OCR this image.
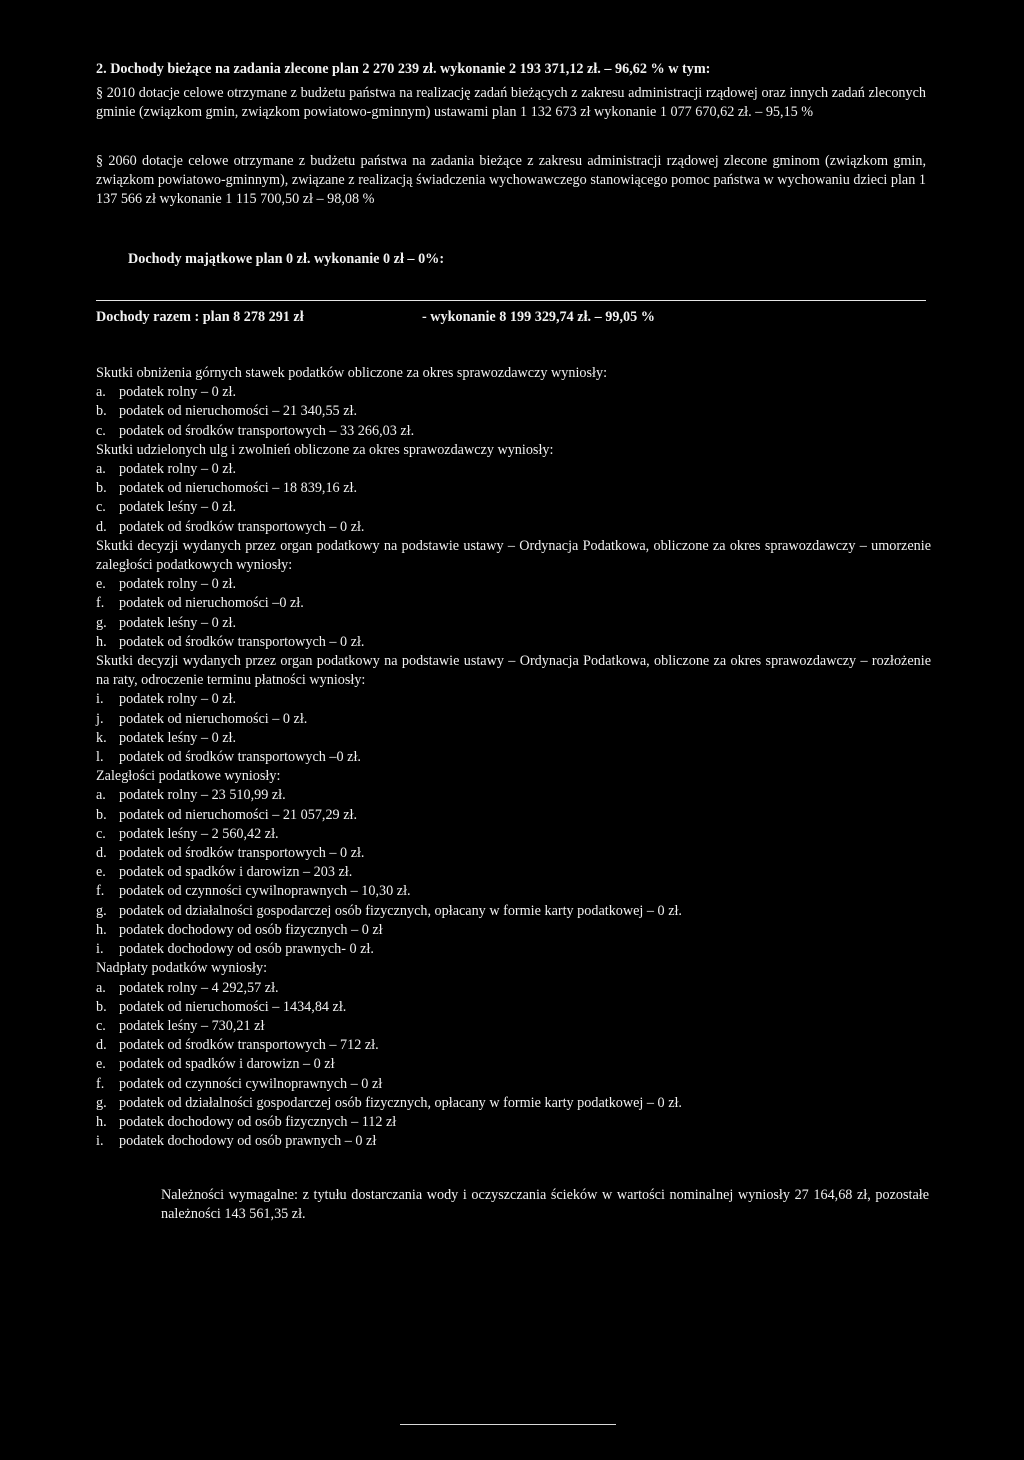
2. Dochody bieżące na zadania zlecone plan 2 270 239 zł. wykonanie 2 193 371,12 zł. – 96,62 % w tym:
§ 2010 dotacje celowe otrzymane z budżetu państwa na realizację zadań bieżących z zakresu administracji rządowej oraz innych zadań zleconych gminie (związkom gmin, związkom powiatowo-gminnym) ustawami plan 1 132 673 zł wykonanie 1 077 670,62 zł. – 95,15 %
§ 2060 dotacje celowe otrzymane z budżetu państwa na zadania bieżące z zakresu administracji rządowej zlecone gminom (związkom gmin, związkom powiatowo-gminnym), związane z realizacją świadczenia wychowawczego stanowiącego pomoc państwa w wychowaniu dzieci plan 1 137 566 zł wykonanie 1 115 700,50 zł – 98,08 %
Dochody majątkowe plan 0 zł. wykonanie 0 zł – 0%:
Dochody razem : plan 8 278 291 zł	- wykonanie 8 199 329,74 zł. – 99,05 %
Skutki obniżenia górnych stawek podatków obliczone za okres sprawozdawczy wyniosły:
a. podatek rolny – 0 zł.
b. podatek od nieruchomości – 21 340,55 zł.
c. podatek od środków transportowych – 33 266,03 zł.
Skutki udzielonych ulg i zwolnień obliczone za okres sprawozdawczy wyniosły:
a. podatek rolny – 0 zł.
b. podatek od nieruchomości – 18 839,16 zł.
c. podatek leśny – 0 zł.
d. podatek od środków transportowych – 0 zł.
Skutki decyzji wydanych przez organ podatkowy na podstawie ustawy – Ordynacja Podatkowa, obliczone za okres sprawozdawczy – umorzenie zaległości podatkowych wyniosły:
e. podatek rolny – 0 zł.
f. podatek od nieruchomości –0 zł.
g. podatek leśny – 0 zł.
h. podatek od środków transportowych – 0 zł.
Skutki decyzji wydanych przez organ podatkowy na podstawie ustawy – Ordynacja Podatkowa, obliczone za okres sprawozdawczy – rozłożenie na raty, odroczenie terminu płatności wyniosły:
i. podatek rolny – 0 zł.
j. podatek od nieruchomości – 0 zł.
k. podatek leśny – 0 zł.
l. podatek od środków transportowych –0 zł.
Zaległości podatkowe wyniosły:
a. podatek rolny – 23 510,99 zł.
b. podatek od nieruchomości – 21 057,29 zł.
c. podatek leśny – 2 560,42 zł.
d. podatek od środków transportowych – 0 zł.
e. podatek od spadków i darowizn – 203 zł.
f. podatek od czynności cywilnoprawnych – 10,30 zł.
g. podatek od działalności gospodarczej osób fizycznych, opłacany w formie karty podatkowej – 0 zł.
h. podatek dochodowy od osób fizycznych – 0 zł
i. podatek dochodowy od osób prawnych- 0 zł.
Nadpłaty podatków wyniosły:
a. podatek rolny – 4 292,57 zł.
b. podatek od nieruchomości – 1434,84 zł.
c. podatek leśny – 730,21 zł
d. podatek od środków transportowych – 712 zł.
e. podatek od spadków i darowizn – 0 zł
f. podatek od czynności cywilnoprawnych – 0 zł
g. podatek od działalności gospodarczej osób fizycznych, opłacany w formie karty podatkowej – 0 zł.
h. podatek dochodowy od osób fizycznych – 112 zł
i. podatek dochodowy od osób prawnych – 0 zł
Należności wymagalne: z tytułu dostarczania wody i oczyszczania ścieków w wartości nominalnej wyniosły 27 164,68 zł, pozostałe należności 143 561,35 zł.
